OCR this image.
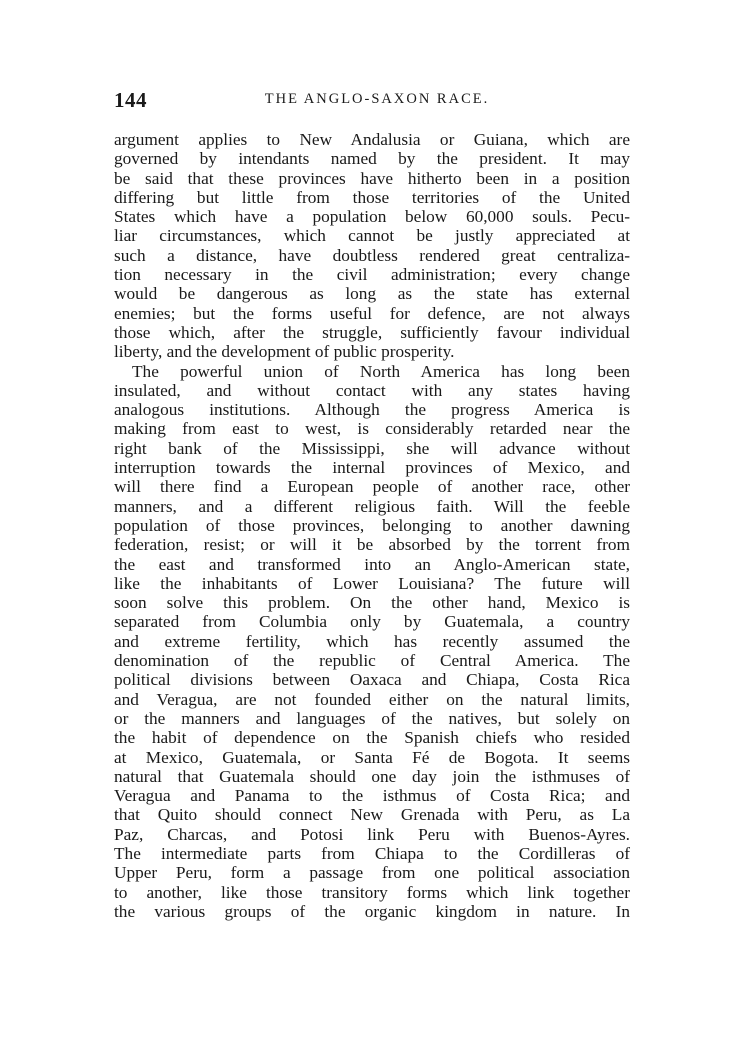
144	THE ANGLO-SAXON RACE.
argument applies to New Andalusia or Guiana, which are
governed by intendants named by the president. It may
be said that these provinces have hitherto been in a position
differing but little from those territories of the United
States which have a population below 60,000 souls. Pecu-
liar circumstances, which cannot be justly appreciated at
such a distance, have doubtless rendered great centraliza-
tion necessary in the civil administration; every change
would be dangerous as long as the state has external
enemies; but the forms useful for defence, are not always
those which, after the struggle, sufficiently favour individual
liberty, and the development of public prosperity.
The powerful union of North America has long been
insulated, and without contact with any states having
analogous institutions. Although the progress America is
making from east to west, is considerably retarded near the
right bank of the Mississippi, she will advance without
interruption towards the internal provinces of Mexico, and
will there find a European people of another race, other
manners, and a different religious faith. Will the feeble
population of those provinces, belonging to another dawning
federation, resist; or will it be absorbed by the torrent from
the east and transformed into an Anglo-American state,
like the inhabitants of Lower Louisiana? The future will
soon solve this problem. On the other hand, Mexico is
separated from Columbia only by Guatemala, a country
and extreme fertility, which has recently assumed the
denomination of the republic of Central America. The
political divisions between Oaxaca and Chiapa, Costa Rica
and Veragua, are not founded either on the natural limits,
or the manners and languages of the natives, but solely on
the habit of dependence on the Spanish chiefs who resided
at Mexico, Guatemala, or Santa Fé de Bogota. It seems
natural that Guatemala should one day join the isthmuses of
Veragua and Panama to the isthmus of Costa Rica; and
that Quito should connect New Grenada with Peru, as La
Paz, Charcas, and Potosi link Peru with Buenos-Ayres.
The intermediate parts from Chiapa to the Cordilleras of
Upper Peru, form a passage from one political association
to another, like those transitory forms which link together
the various groups of the organic kingdom in nature. In
